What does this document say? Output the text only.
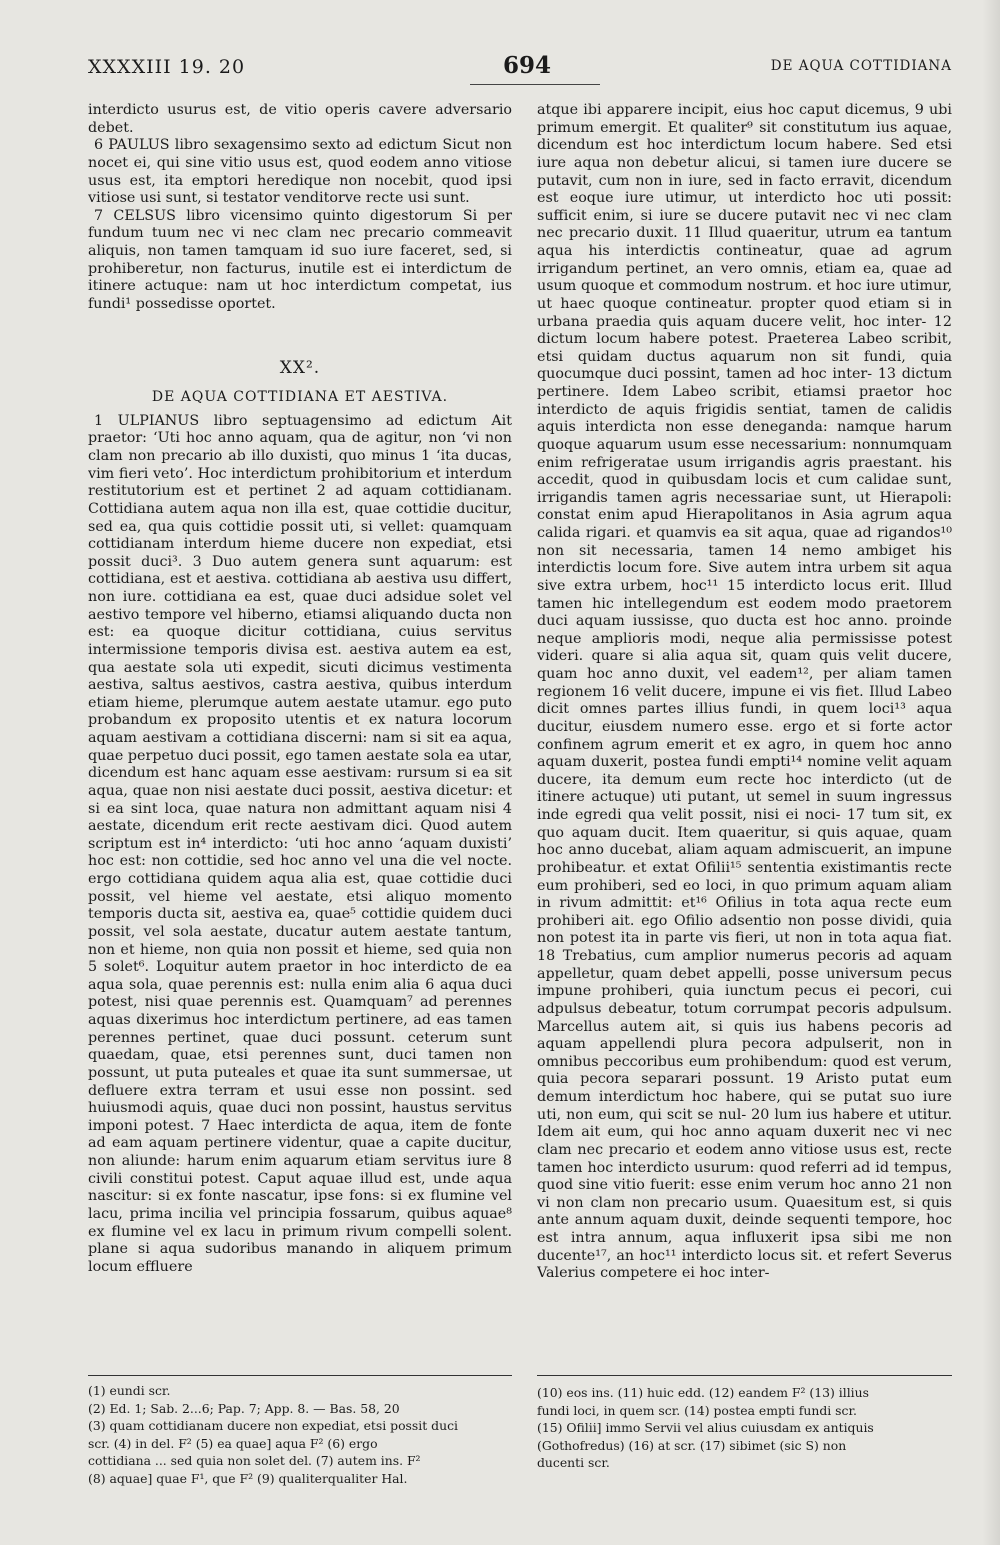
XXXXIII 19. 20	694	DE AQUA COTTIDIANA

interdicto usurus est, de vitio operis cavere adversario debet.

6 PAULUS libro sexagensimo sexto ad edictum Sicut non nocet ei, qui sine vitio usus est, quod eodem anno vitiose usus est, ita emptori heredique non nocebit, quod ipsi vitiose usi sunt, si testator venditorve recte usi sunt.

7 CELSUS libro vicensimo quinto digestorum Si per fundum tuum nec vi nec clam nec precario commeavit aliquis, non tamen tamquam id suo iure faceret, sed, si prohiberetur, non facturus, inutile est ei interdictum de itinere actuque: nam ut hoc interdictum competat, ius fundi¹ possedisse oportet.

XX².
DE AQUA COTTIDIANA ET AESTIVA.

1 ULPIANUS libro septuagensimo ad edictum Ait praetor: ‘Uti hoc anno aquam, qua de agitur, non ‘vi non clam non precario ab illo duxisti, quo minus 1 ‘ita ducas, vim fieri veto’. Hoc interdictum prohibitorium et interdum restitutorium est et pertinet 2 ad aquam cottidianam. Cottidiana autem aqua non illa est, quae cottidie ducitur, sed ea, qua quis cottidie possit uti, si vellet: quamquam cottidianam interdum hieme ducere non expediat, etsi possit duci³. 3 Duo autem genera sunt aquarum: est cottidiana, est et aestiva. cottidiana ab aestiva usu differt, non iure. cottidiana ea est, quae duci adsidue solet vel aestivo tempore vel hiberno, etiamsi aliquando ducta non est: ea quoque dicitur cottidiana, cuius servitus intermissione temporis divisa est. aestiva autem ea est, qua aestate sola uti expedit, sicuti dicimus vestimenta aestiva, saltus aestivos, castra aestiva, quibus interdum etiam hieme, plerumque autem aestate utamur. ego puto probandum ex proposito utentis et ex natura locorum aquam aestivam a cottidiana discerni: nam si sit ea aqua, quae perpetuo duci possit, ego tamen aestate sola ea utar, dicendum est hanc aquam esse aestivam: rursum si ea sit aqua, quae non nisi aestate duci possit, aestiva dicetur: et si ea sint loca, quae natura non admittant aquam nisi 4 aestate, dicendum erit recte aestivam dici. Quod autem scriptum est in⁴ interdicto: ‘uti hoc anno ‘aquam duxisti’ hoc est: non cottidie, sed hoc anno vel una die vel nocte. ergo cottidiana quidem aqua alia est, quae cottidie duci possit, vel hieme vel aestate, etsi aliquo momento temporis ducta sit, aestiva ea, quae⁵ cottidie quidem duci possit, vel sola aestate, ducatur autem aestate tantum, non et hieme, non quia non possit et hieme, sed quia non 5 solet⁶. Loquitur autem praetor in hoc interdicto de ea aqua sola, quae perennis est: nulla enim alia 6 aqua duci potest, nisi quae perennis est. Quamquam⁷ ad perennes aquas dixerimus hoc interdictum pertinere, ad eas tamen perennes pertinet, quae duci possunt. ceterum sunt quaedam, quae, etsi perennes sunt, duci tamen non possunt, ut puta puteales et quae ita sunt summersae, ut defluere extra terram et usui esse non possint. sed huiusmodi aquis, quae duci non possint, haustus servitus imponi potest. 7 Haec interdicta de aqua, item de fonte ad eam aquam pertinere videntur, quae a capite ducitur, non aliunde: harum enim aquarum etiam servitus iure 8 civili constitui potest. Caput aquae illud est, unde aqua nascitur: si ex fonte nascatur, ipse fons: si ex flumine vel lacu, prima incilia vel principia fossarum, quibus aquae⁸ ex flumine vel ex lacu in primum rivum compelli solent. plane si aqua sudoribus manando in aliquem primum locum effluere

atque ibi apparere incipit, eius hoc caput dicemus, 9 ubi primum emergit. Et qualiter⁹ sit constitutum ius aquae, dicendum est hoc interdictum locum habere. Sed etsi iure aqua non debetur alicui, si tamen iure ducere se putavit, cum non in iure, sed in facto erravit, dicendum est eoque iure utimur, ut interdicto hoc uti possit: sufficit enim, si iure se ducere putavit nec vi nec clam nec precario duxit. 11 Illud quaeritur, utrum ea tantum aqua his interdictis contineatur, quae ad agrum irrigandum pertinet, an vero omnis, etiam ea, quae ad usum quoque et commodum nostrum. et hoc iure utimur, ut haec quoque contineatur. propter quod etiam si in urbana praedia quis aquam ducere velit, hoc inter- 12 dictum locum habere potest. Praeterea Labeo scribit, etsi quidam ductus aquarum non sit fundi, quia quocumque duci possint, tamen ad hoc inter- 13 dictum pertinere. Idem Labeo scribit, etiamsi praetor hoc interdicto de aquis frigidis sentiat, tamen de calidis aquis interdicta non esse deneganda: namque harum quoque aquarum usum esse necessarium: nonnumquam enim refrigeratae usum irrigandis agris praestant. his accedit, quod in quibusdam locis et cum calidae sunt, irrigandis tamen agris necessariae sunt, ut Hierapoli: constat enim apud Hierapolitanos in Asia agrum aqua calida rigari. et quamvis ea sit aqua, quae ad rigandos¹⁰ non sit necessaria, tamen 14 nemo ambiget his interdictis locum fore. Sive autem intra urbem sit aqua sive extra urbem, hoc¹¹ 15 interdicto locus erit. Illud tamen hic intellegendum est eodem modo praetorem duci aquam iussisse, quo ducta est hoc anno. proinde neque amplioris modi, neque alia permississe potest videri. quare si alia aqua sit, quam quis velit ducere, quam hoc anno duxit, vel eadem¹², per aliam tamen regionem 16 velit ducere, impune ei vis fiet. Illud Labeo dicit omnes partes illius fundi, in quem loci¹³ aqua ducitur, eiusdem numero esse. ergo et si forte actor confinem agrum emerit et ex agro, in quem hoc anno aquam duxerit, postea fundi empti¹⁴ nomine velit aquam ducere, ita demum eum recte hoc interdicto (ut de itinere actuque) uti putant, ut semel in suum ingressus inde egredi qua velit possit, nisi ei noci- 17 tum sit, ex quo aquam ducit. Item quaeritur, si quis aquae, quam hoc anno ducebat, aliam aquam admiscuerit, an impune prohibeatur. et extat Ofilii¹⁵ sententia existimantis recte eum prohiberi, sed eo loci, in quo primum aquam aliam in rivum admittit: et¹⁶ Ofilius in tota aqua recte eum prohiberi ait. ego Ofilio adsentio non posse dividi, quia non potest ita in parte vis fieri, ut non in tota aqua fiat. 18 Trebatius, cum amplior numerus pecoris ad aquam appelletur, quam debet appelli, posse universum pecus impune prohiberi, quia iunctum pecus ei pecori, cui adpulsus debeatur, totum corrumpat pecoris adpulsum. Marcellus autem ait, si quis ius habens pecoris ad aquam appellendi plura pecora adpulserit, non in omnibus peccoribus eum prohibendum: quod est verum, quia pecora separari possunt. 19 Aristo putat eum demum interdictum hoc habere, qui se putat suo iure uti, non eum, qui scit se nul- 20 lum ius habere et utitur. Idem ait eum, qui hoc anno aquam duxerit nec vi nec clam nec precario et eodem anno vitiose usus est, recte tamen hoc interdicto usurum: quod referri ad id tempus, quod sine vitio fuerit: esse enim verum hoc anno 21 non vi non clam non precario usum. Quaesitum est, si quis ante annum aquam duxit, deinde sequenti tempore, hoc est intra annum, aqua influxerit ipsa sibi me non ducente¹⁷, an hoc¹¹ interdicto locus sit. et refert Severus Valerius competere ei hoc inter-

(1) eundi scr.

(2) Ed. 1; Sab. 2...6; Pap. 7; App. 8. — Bas. 58, 20

(3) quam cottidianam ducere non expediat, etsi possit duci

scr. (4) in del. F² (5) ea quae] aqua F² (6) ergo

cottidiana ... sed quia non solet del. (7) autem ins. F²

(8) aquae] quae F¹, que F² (9) qualiterqualiter Hal.

(10) eos ins. (11) huic edd. (12) eandem F² (13) illius

fundi loci, in quem scr. (14) postea empti fundi scr.

(15) Ofilii] immo Servii vel alius cuiusdam ex antiquis

(Gothofredus) (16) at scr. (17) sibimet (sic S) non

ducenti scr.
